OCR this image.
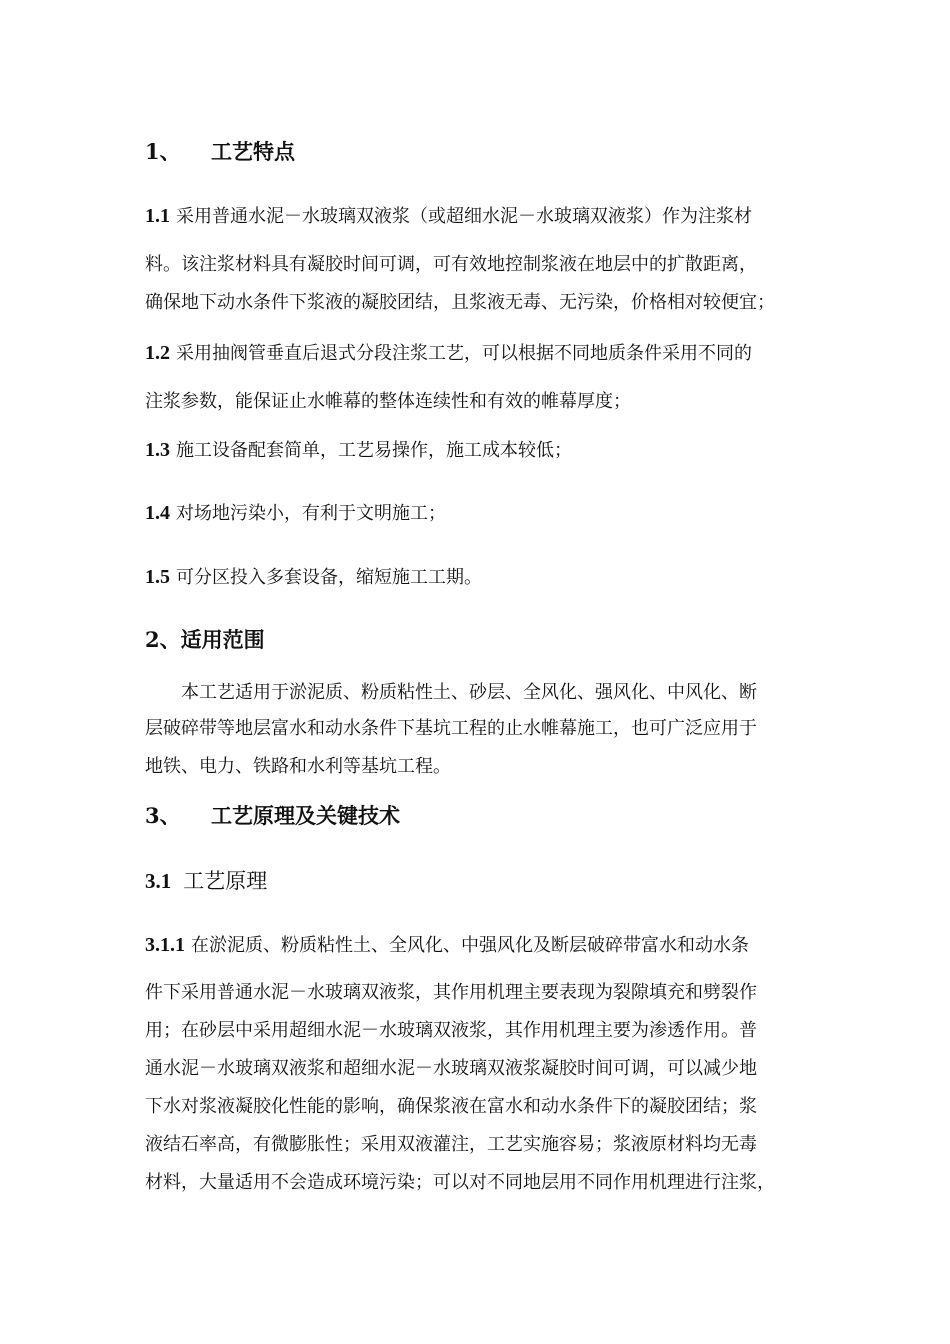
1、 工艺特点
1.1 采用普通水泥－水玻璃双液浆（或超细水泥－水玻璃双液浆）作为注浆材
料。该注浆材料具有凝胶时间可调，可有效地控制浆液在地层中的扩散距离，
确保地下动水条件下浆液的凝胶团结，且浆液无毒、无污染，价格相对较便宜；
1.2 采用抽阀管垂直后退式分段注浆工艺，可以根据不同地质条件采用不同的
注浆参数，能保证止水帷幕的整体连续性和有效的帷幕厚度；
1.3 施工设备配套简单，工艺易操作，施工成本较低；
1.4 对场地污染小，有利于文明施工；
1.5 可分区投入多套设备，缩短施工工期。
2、适用范围
本工艺适用于淤泥质、粉质粘性土、砂层、全风化、强风化、中风化、断
层破碎带等地层富水和动水条件下基坑工程的止水帷幕施工，也可广泛应用于
地铁、电力、铁路和水利等基坑工程。
3、 工艺原理及关键技术
3.1 工艺原理
3.1.1 在淤泥质、粉质粘性土、全风化、中强风化及断层破碎带富水和动水条
件下采用普通水泥－水玻璃双液浆，其作用机理主要表现为裂隙填充和劈裂作
用；在砂层中采用超细水泥－水玻璃双液浆，其作用机理主要为渗透作用。普
通水泥－水玻璃双液浆和超细水泥－水玻璃双液浆凝胶时间可调，可以减少地
下水对浆液凝胶化性能的影响，确保浆液在富水和动水条件下的凝胶团结；浆
液结石率高，有微膨胀性；采用双液灌注，工艺实施容易；浆液原材料均无毒
材料，大量适用不会造成环境污染；可以对不同地层用不同作用机理进行注浆，
